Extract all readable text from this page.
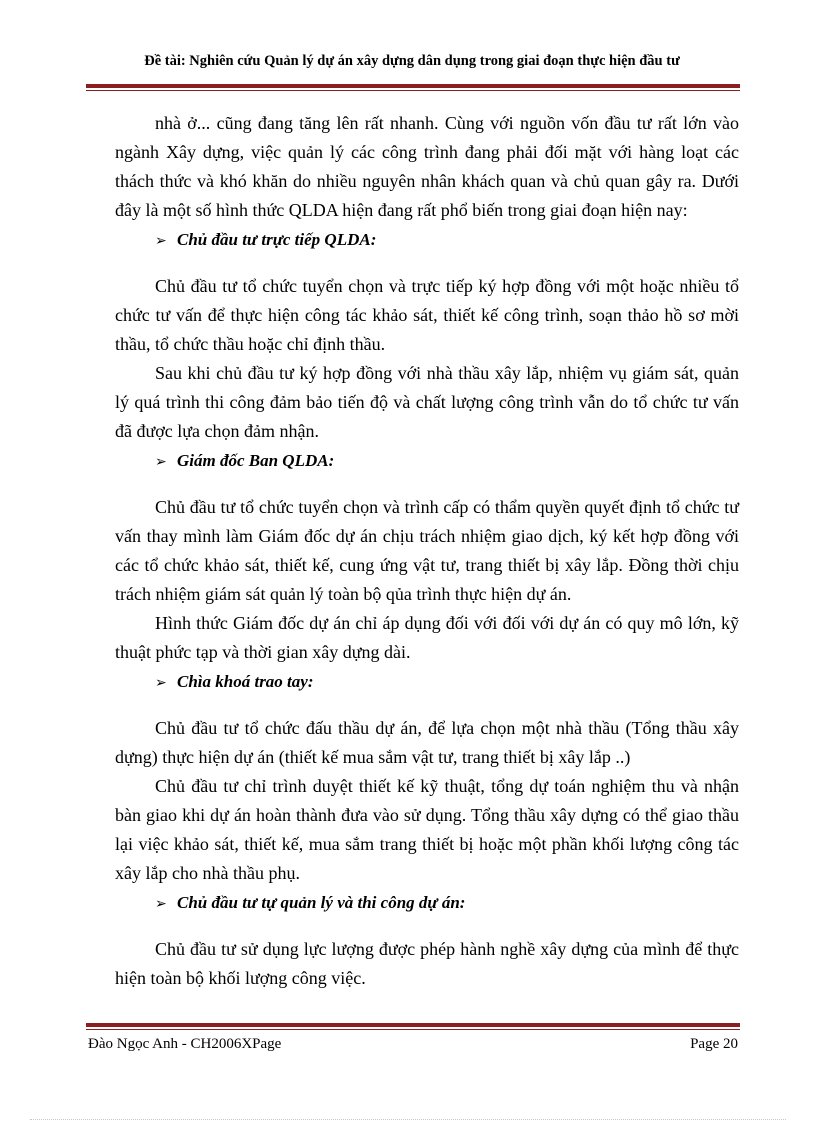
Đề tài: Nghiên cứu Quản lý dự án xây dựng dân dụng trong giai đoạn thực hiện đầu tư

nhà ở... cũng đang tăng lên rất nhanh. Cùng với nguồn vốn đầu tư rất lớn vào ngành Xây dựng, việc quản lý các công trình đang phải đối mặt với hàng loạt các thách thức và khó khăn do nhiều nguyên nhân khách quan và chủ quan gây ra. Dưới đây là một số hình thức QLDA hiện đang rất phổ biến trong giai đoạn hiện nay:

➢ Chủ đầu tư trực tiếp QLDA:

Chủ đầu tư tổ chức tuyển chọn và trực tiếp ký hợp đồng với một hoặc nhiều tổ chức tư vấn để thực hiện công tác khảo sát, thiết kế công trình, soạn thảo hồ sơ mời thầu, tổ chức thầu hoặc chỉ định thầu.

Sau khi chủ đầu tư ký hợp đồng với nhà thầu xây lắp, nhiệm vụ giám sát, quản lý quá trình thi công đảm bảo tiến độ và chất lượng công trình vẫn do tổ chức tư vấn đã được lựa chọn đảm nhận.

➢ Giám đốc Ban QLDA:

Chủ đầu tư tổ chức tuyển chọn và trình cấp có thẩm quyền quyết định tổ chức tư vấn thay mình làm Giám đốc dự án chịu trách nhiệm giao dịch, ký kết hợp đồng với các tổ chức khảo sát, thiết kế, cung ứng vật tư, trang thiết bị xây lắp. Đồng thời chịu trách nhiệm giám sát quản lý toàn bộ qủa trình thực hiện dự án.

Hình thức Giám đốc dự án chỉ áp dụng đối với đối với dự án có quy mô lớn, kỹ thuật phức tạp và thời gian xây dựng dài.

➢ Chìa khoá trao tay:

Chủ đầu tư tổ chức đấu thầu dự án, để lựa chọn một nhà thầu (Tổng thầu xây dựng) thực hiện dự án (thiết kế mua sắm vật tư, trang thiết bị xây lắp ..)

Chủ đầu tư chỉ trình duyệt thiết kế kỹ thuật, tổng dự toán nghiệm thu và nhận bàn giao khi dự án hoàn thành đưa vào sử dụng. Tổng thầu xây dựng có thể giao thầu lại việc khảo sát, thiết kế, mua sắm trang thiết bị hoặc một phần khối lượng công tác xây lắp cho nhà thầu phụ.

➢ Chủ đầu tư tự quản lý và thi công dự án:

Chủ đầu tư sử dụng lực lượng được phép hành nghề xây dựng của mình để thực hiện toàn bộ khối lượng công việc.

Đào Ngọc Anh - CH2006XPage	Page 20
